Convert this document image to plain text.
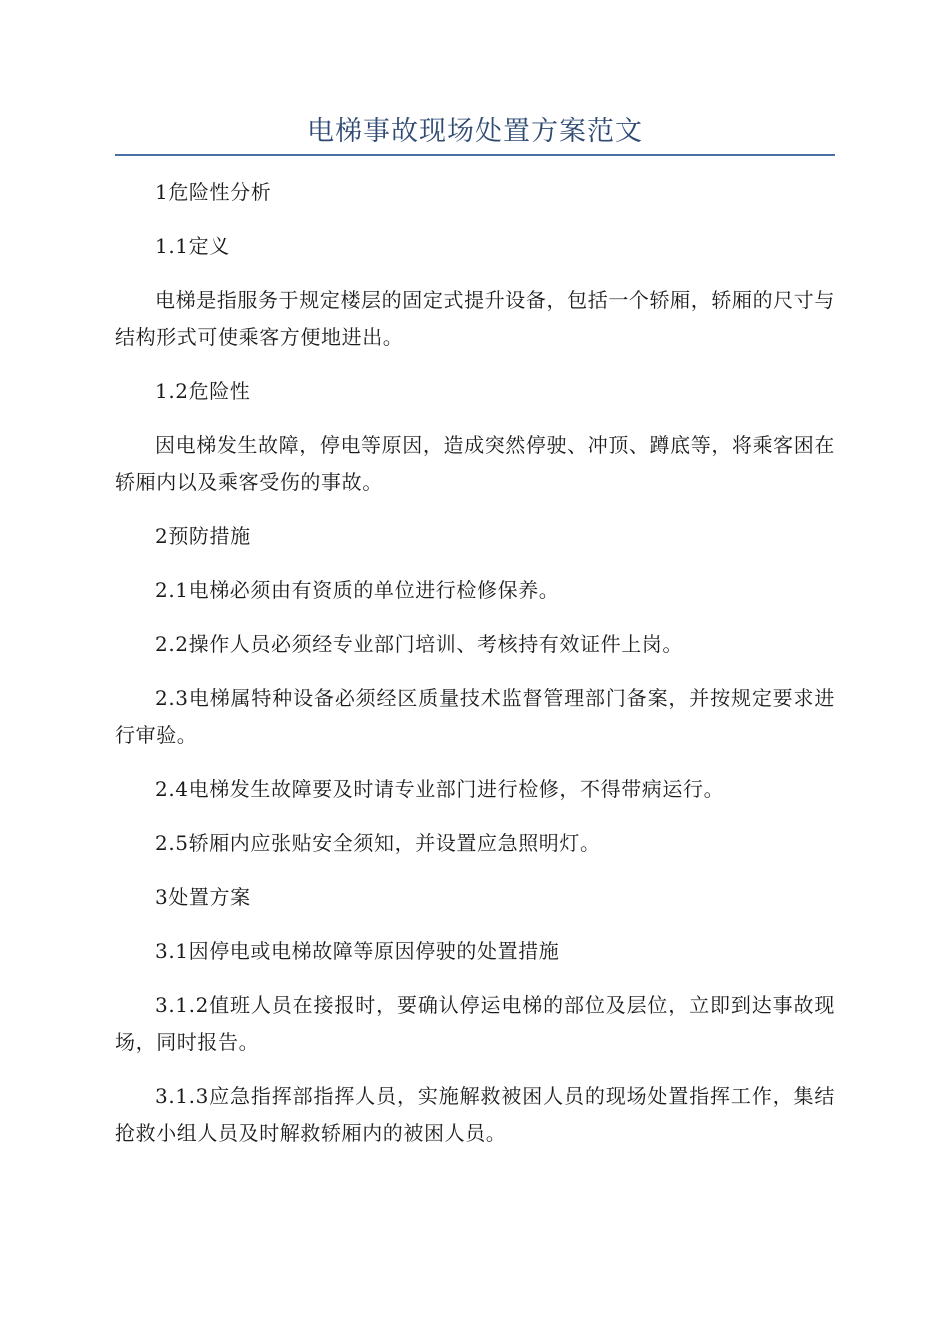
电梯事故现场处置方案范文

1危险性分析

1.1定义

电梯是指服务于规定楼层的固定式提升设备，包括一个轿厢，轿厢的尺寸与结构形式可使乘客方便地进出。

1.2危险性

因电梯发生故障，停电等原因，造成突然停驶、冲顶、蹲底等，将乘客困在轿厢内以及乘客受伤的事故。

2预防措施

2.1电梯必须由有资质的单位进行检修保养。

2.2操作人员必须经专业部门培训、考核持有效证件上岗。

2.3电梯属特种设备必须经区质量技术监督管理部门备案，并按规定要求进行审验。

2.4电梯发生故障要及时请专业部门进行检修，不得带病运行。

2.5轿厢内应张贴安全须知，并设置应急照明灯。

3处置方案

3.1因停电或电梯故障等原因停驶的处置措施

3.1.2值班人员在接报时，要确认停运电梯的部位及层位，立即到达事故现场，同时报告。

3.1.3应急指挥部指挥人员，实施解救被困人员的现场处置指挥工作，集结抢救小组人员及时解救轿厢内的被困人员。
